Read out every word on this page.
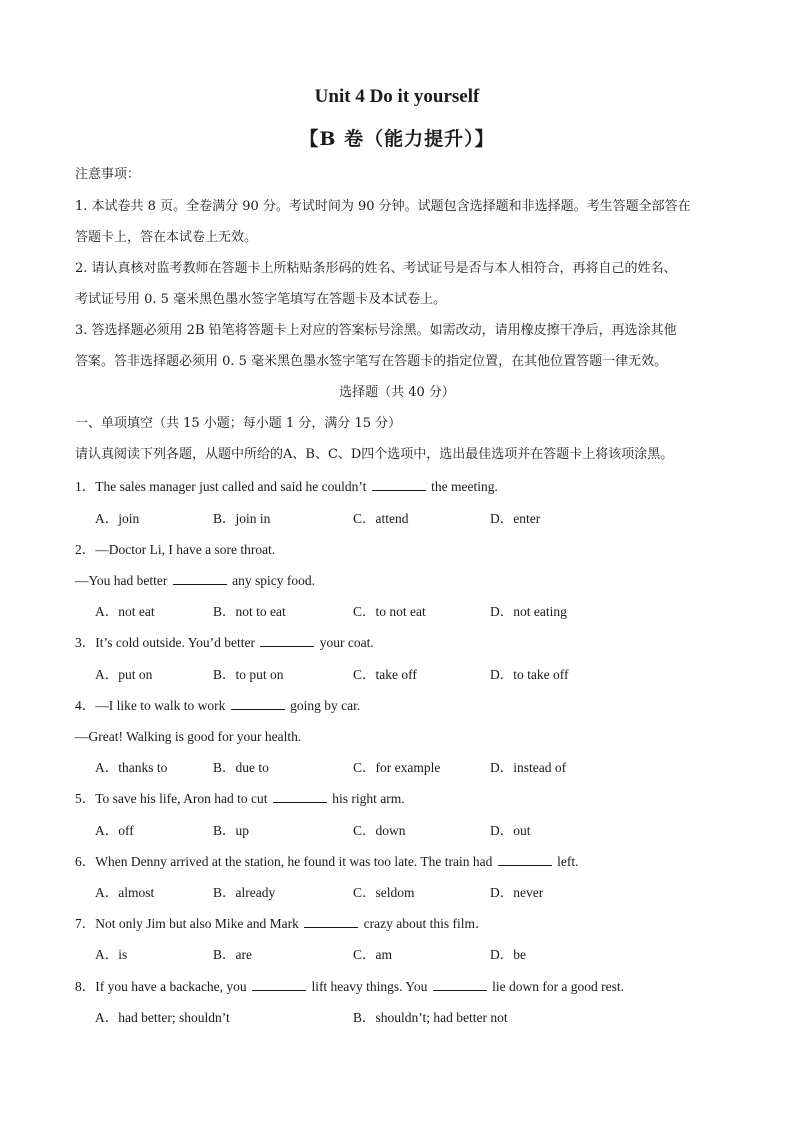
Unit 4 Do it yourself
【B 卷（能力提升）】
注意事项：
1. 本试卷共 8 页。全卷满分 90 分。考试时间为 90 分钟。试题包含选择题和非选择题。考生答题全部答在
答题卡上，答在本试卷上无效。
2. 请认真核对监考教师在答题卡上所粘贴条形码的姓名、考试证号是否与本人相符合，再将自己的姓名、
考试证号用 0. 5 毫米黑色墨水签字笔填写在答题卡及本试卷上。
3. 答选择题必须用 2B 铅笔将答题卡上对应的答案标号涂黑。如需改动，请用橡皮擦干净后，再选涂其他
答案。答非选择题必须用 0. 5 毫米黑色墨水签字笔写在答题卡的指定位置，在其他位置答题一律无效。
选择题（共 40 分）
一、单项填空（共 15 小题；每小题 1 分，满分 15 分）
请认真阅读下列各题，从题中所给的A、B、C、D四个选项中，选出最佳选项并在答题卡上将该项涂黑。
1．The sales manager just called and said he couldn’t	the meeting.
A．join	B．join in	C．attend	D．enter
2．—Doctor Li, I have a sore throat.
—You had better	any spicy food.
A．not eat	B．not to eat	C．to not eat	D．not eating
3．It’s cold outside. You’d better	your coat.
A．put on	B．to put on	C．take off	D．to take off
4．—I like to walk to work	going by car.
—Great! Walking is good for your health.
A．thanks to	B．due to	C．for example	D．instead of
5．To save his life, Aron had to cut	his right arm.
A．off	B．up	C．down	D．out
6．When Denny arrived at the station, he found it was too late. The train had	left.
A．almost	B．already	C．seldom	D．never
7．Not only Jim but also Mike and Mark	crazy about this film．
A．is	B．are	C．am	D．be
8．If you have a backache, you	lift heavy things. You	lie down for a good rest.
A．had better; shouldn’t	B．shouldn’t; had better not
